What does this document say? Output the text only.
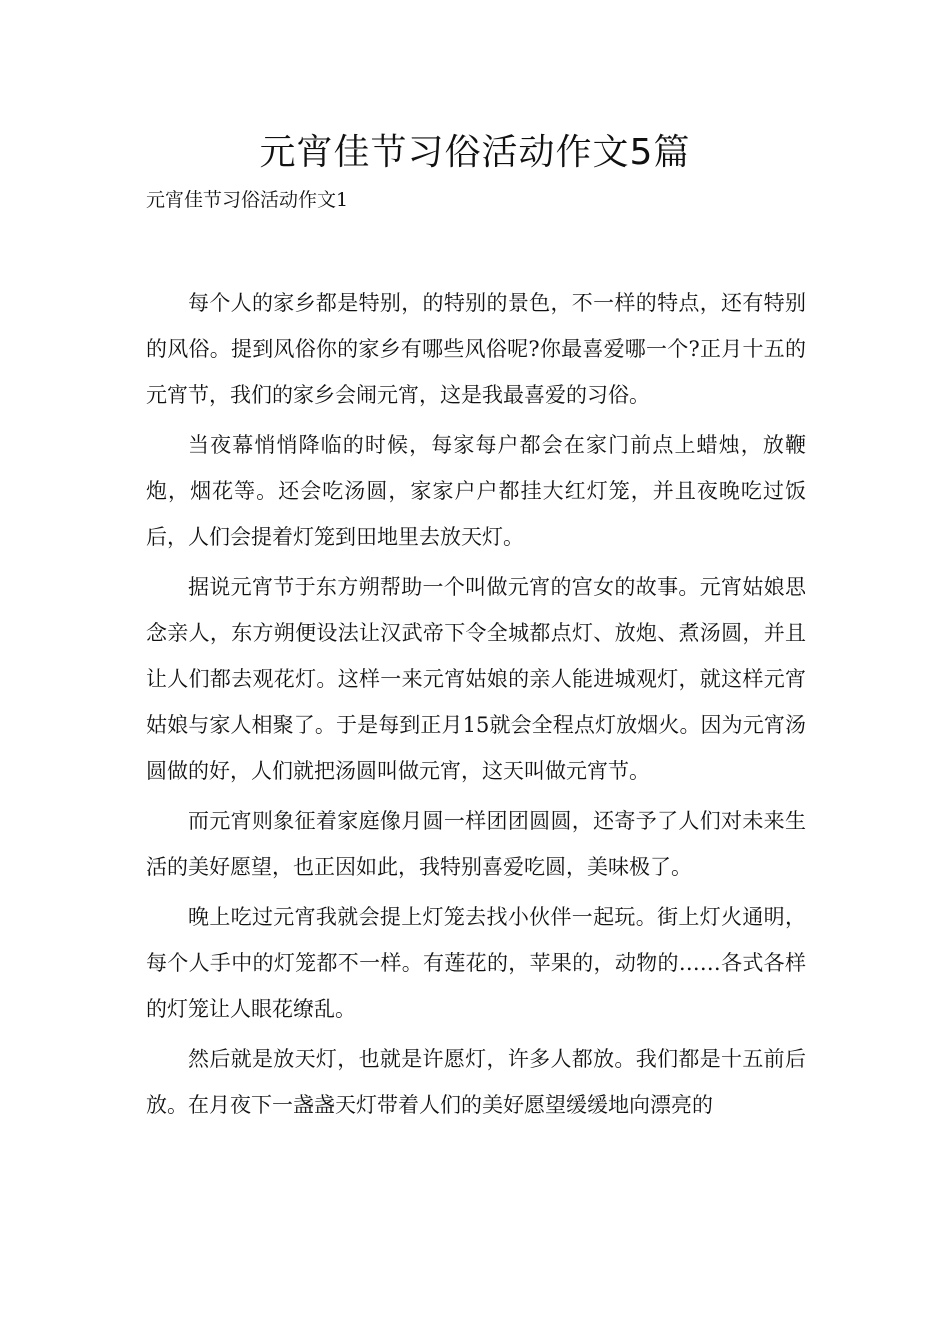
元宵佳节习俗活动作文5篇
元宵佳节习俗活动作文1

每个人的家乡都是特别，的特别的景色，不一样的特点，还有特别的风俗。提到风俗你的家乡有哪些风俗呢?你最喜爱哪一个?正月十五的元宵节，我们的家乡会闹元宵，这是我最喜爱的习俗。

当夜幕悄悄降临的时候，每家每户都会在家门前点上蜡烛，放鞭炮，烟花等。还会吃汤圆，家家户户都挂大红灯笼，并且夜晚吃过饭后，人们会提着灯笼到田地里去放天灯。

据说元宵节于东方朔帮助一个叫做元宵的宫女的故事。元宵姑娘思念亲人，东方朔便设法让汉武帝下令全城都点灯、放炮、煮汤圆，并且让人们都去观花灯。这样一来元宵姑娘的亲人能进城观灯，就这样元宵姑娘与家人相聚了。于是每到正月15就会全程点灯放烟火。因为元宵汤圆做的好，人们就把汤圆叫做元宵，这天叫做元宵节。

而元宵则象征着家庭像月圆一样团团圆圆，还寄予了人们对未来生活的美好愿望，也正因如此，我特别喜爱吃圆，美味极了。

晚上吃过元宵我就会提上灯笼去找小伙伴一起玩。街上灯火通明，每个人手中的灯笼都不一样。有莲花的，苹果的，动物的……各式各样的灯笼让人眼花缭乱。

然后就是放天灯，也就是许愿灯，许多人都放。我们都是十五前后放。在月夜下一盏盏天灯带着人们的美好愿望缓缓地向漂亮的
